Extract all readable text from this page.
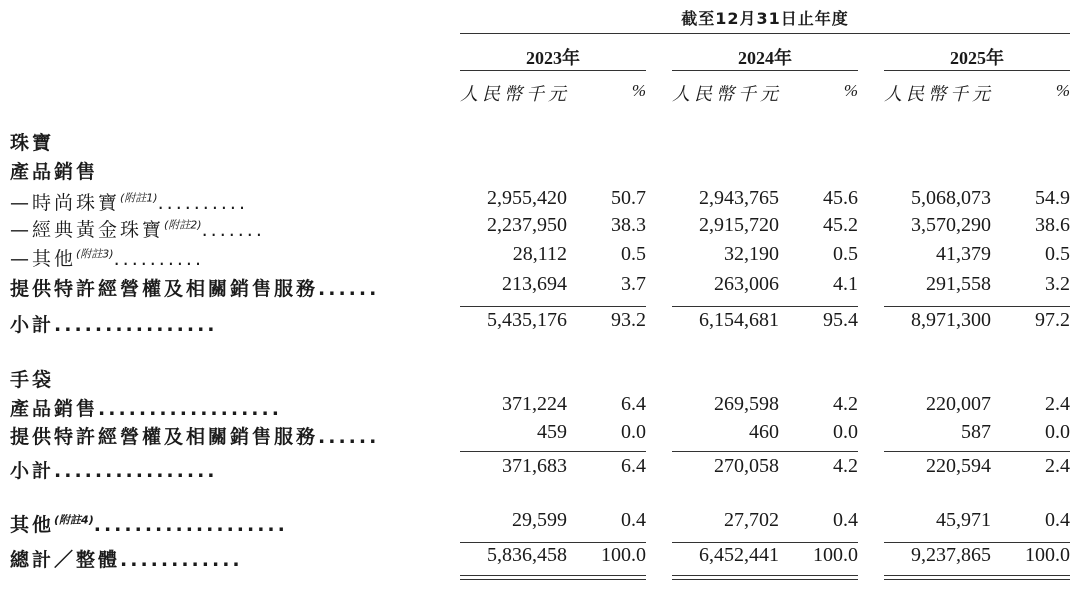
截至12月31日止年度
2023年	2024年	2025年
人民幣千元	% 人民幣千元	% 人民幣千元	%
珠寶
產品銷售
手袋
—時尚珠寶$^{(附註1)}$..........	2,955,420	50.7	2,943,765	45.6	5,068,073	54.9
—經典黃金珠寶$^{(附註2)}$.......	2,237,950	38.3	2,915,720	45.2	3,570,290	38.6
—其他$^{(附註3)}$..........	28,112	0.5	32,190	0.5	41,379	0.5
提供特許經營權及相關銷售服務......	213,694	3.7	263,006	4.1	291,558	3.2
小計................	5,435,176	93.2	6,154,681	95.4	8,971,300	97.2
產品銷售..................	371,224	6.4	269,598	4.2	220,007	2.4
提供特許經營權及相關銷售服務......	459	0.0	460	0.0	587	0.0
小計................	371,683	6.4	270,058	4.2	220,594	2.4
其他$^{(附註4)}$...................	29,599	0.4	27,702	0.4	45,971	0.4
總計／整體............	5,836,458	100.0	6,452,441	100.0	9,237,865	100.0
